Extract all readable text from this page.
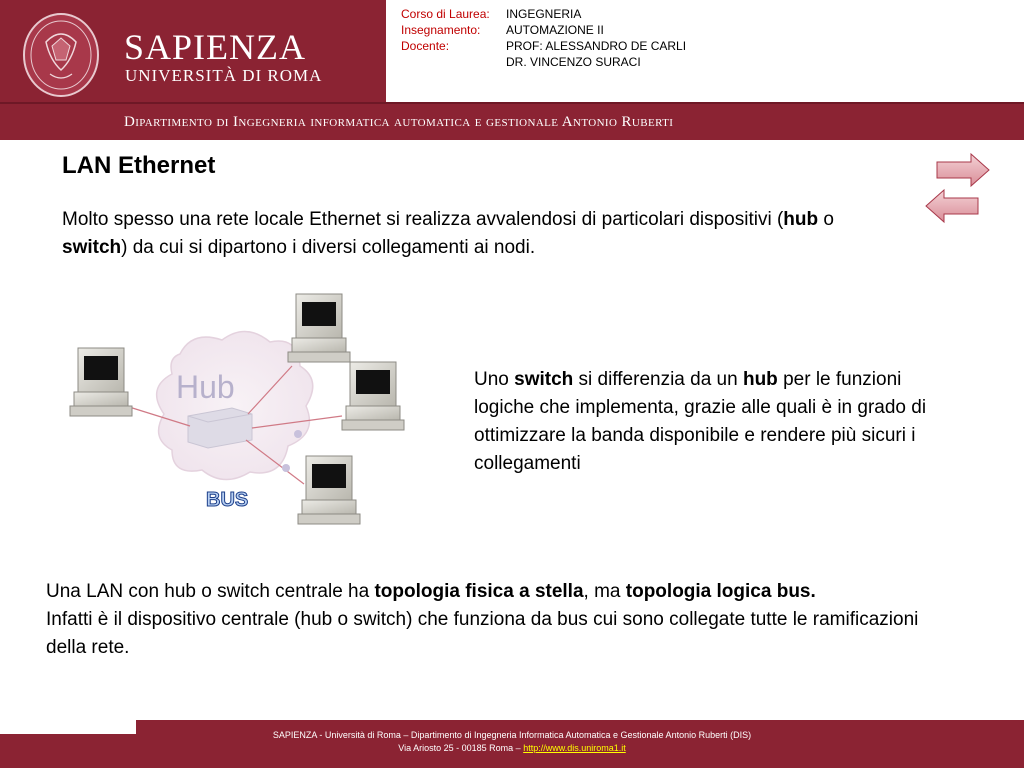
SAPIENZA
UNIVERSITÀ DI ROMA
Corso di Laurea:	INGEGNERIA
Insegnamento:	AUTOMAZIONE II
Docente:	PROF: ALESSANDRO DE CARLI
DR. VINCENZO SURACI
Dipartimento di Ingegneria informatica automatica e gestionale Antonio Ruberti
LAN Ethernet
Molto spesso una rete locale Ethernet si realizza avvalendosi di particolari dispositivi (hub o switch) da cui si dipartono i diversi collegamenti ai nodi.
Hub
BUS
Uno switch si differenzia da un hub per le funzioni logiche che implementa, grazie alle quali è in grado di ottimizzare la banda disponibile e rendere più sicuri i collegamenti
Una LAN con hub o switch centrale ha topologia fisica a stella, ma topologia logica bus.
Infatti è il dispositivo centrale (hub o switch) che funziona da bus cui sono collegate tutte le ramificazioni della rete.
SAPIENZA - Università di Roma – Dipartimento di Ingegneria Informatica Automatica e Gestionale Antonio Ruberti (DIS)
Via Ariosto 25 - 00185 Roma – http://www.dis.uniroma1.it
